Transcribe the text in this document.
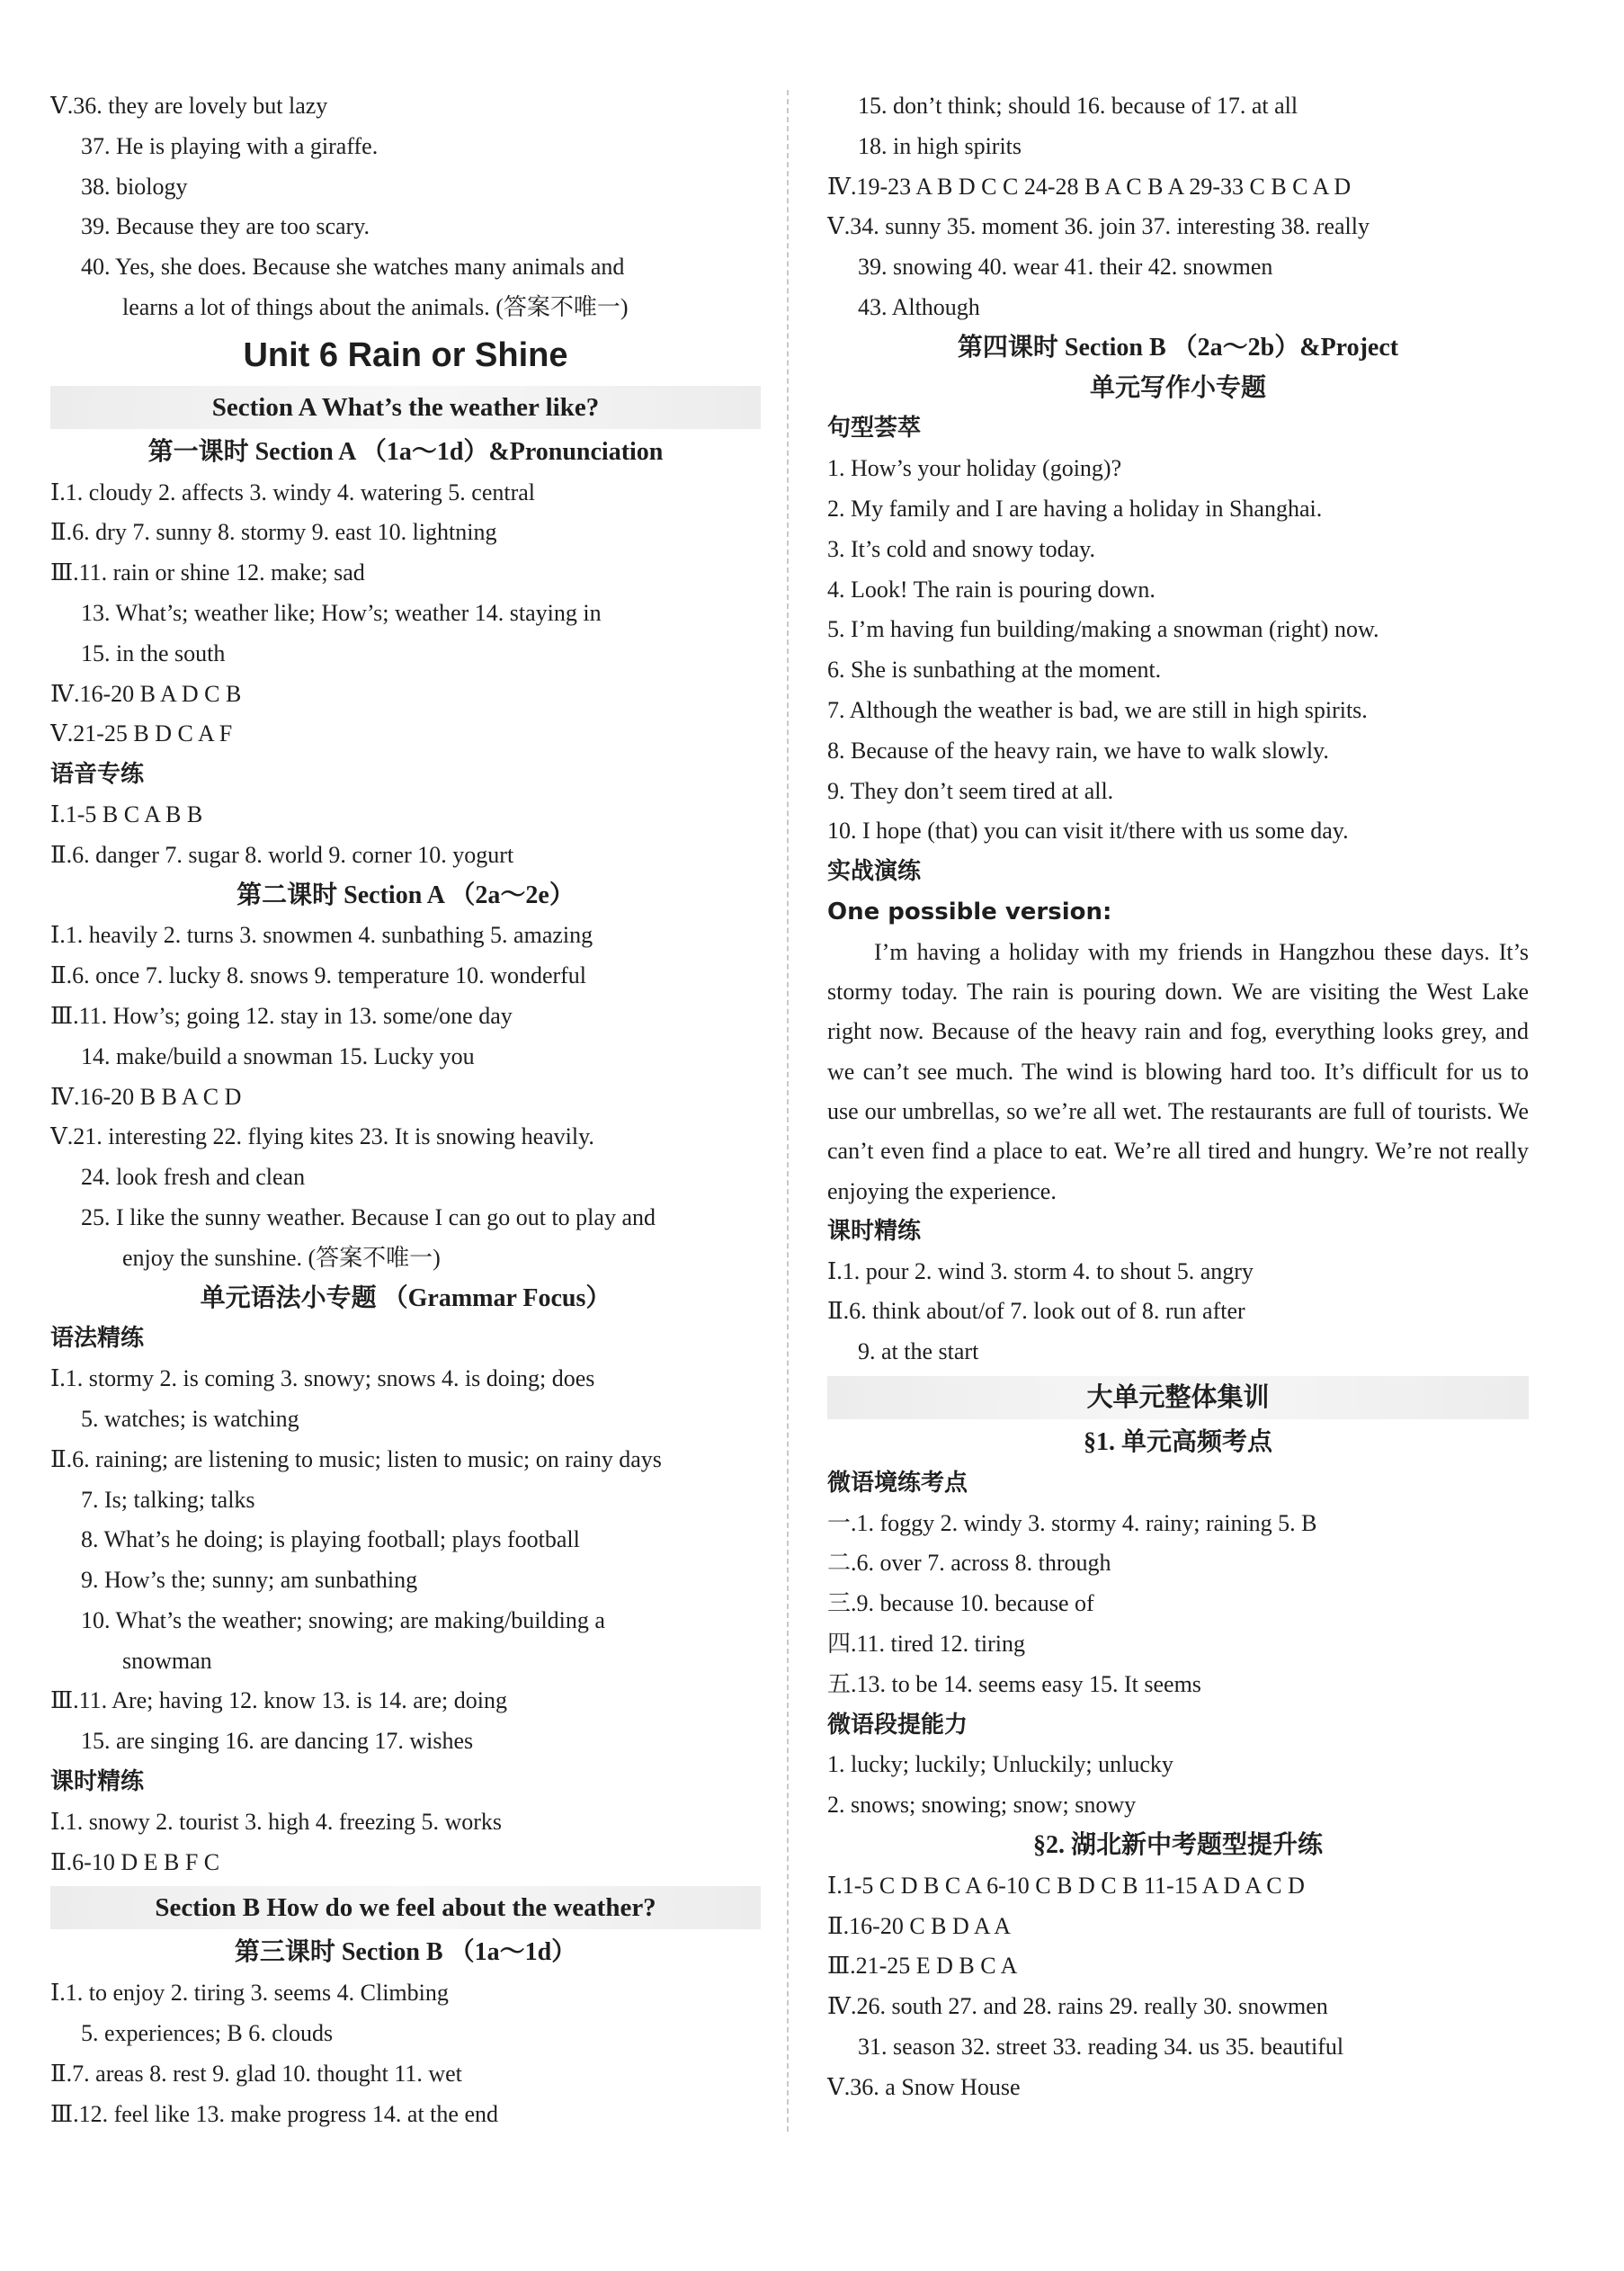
Ⅴ.36. they are lovely but lazy
37. He is playing with a giraffe.
38. biology
39. Because they are too scary.
40. Yes, she does. Because she watches many animals and
learns a lot of things about the animals. (答案不唯一)
Unit 6 Rain or Shine
Section A What’s the weather like?
第一课时 Section A （1a～1d）&Pronunciation
Ⅰ.1. cloudy 2. affects 3. windy 4. watering 5. central
Ⅱ.6. dry 7. sunny 8. stormy 9. east 10. lightning
Ⅲ.11. rain or shine 12. make; sad
13. What’s; weather like; How’s; weather 14. staying in
15. in the south
Ⅳ.16-20 B A D C B
Ⅴ.21-25 B D C A F
语音专练
Ⅰ.1-5 B C A B B
Ⅱ.6. danger 7. sugar 8. world 9. corner 10. yogurt
第二课时 Section A （2a～2e）
Ⅰ.1. heavily 2. turns 3. snowmen 4. sunbathing 5. amazing
Ⅱ.6. once 7. lucky 8. snows 9. temperature 10. wonderful
Ⅲ.11. How’s; going 12. stay in 13. some/one day
14. make/build a snowman 15. Lucky you
Ⅳ.16-20 B B A C D
Ⅴ.21. interesting 22. flying kites 23. It is snowing heavily.
24. look fresh and clean
25. I like the sunny weather. Because I can go out to play and
enjoy the sunshine. (答案不唯一)
单元语法小专题 （Grammar Focus）
语法精练
Ⅰ.1. stormy 2. is coming 3. snowy; snows 4. is doing; does
5. watches; is watching
Ⅱ.6. raining; are listening to music; listen to music; on rainy days
7. Is; talking; talks
8. What’s he doing; is playing football; plays football
9. How’s the; sunny; am sunbathing
10. What’s the weather; snowing; are making/building a
snowman
Ⅲ.11. Are; having 12. know 13. is 14. are; doing
15. are singing 16. are dancing 17. wishes
课时精练
Ⅰ.1. snowy 2. tourist 3. high 4. freezing 5. works
Ⅱ.6-10 D E B F C
Section B How do we feel about the weather?
第三课时 Section B （1a～1d）
Ⅰ.1. to enjoy 2. tiring 3. seems 4. Climbing
5. experiences; B 6. clouds
Ⅱ.7. areas 8. rest 9. glad 10. thought 11. wet
Ⅲ.12. feel like 13. make progress 14. at the end
15. don’t think; should 16. because of 17. at all
18. in high spirits
Ⅳ.19-23 A B D C C 24-28 B A C B A 29-33 C B C A D
Ⅴ.34. sunny 35. moment 36. join 37. interesting 38. really
39. snowing 40. wear 41. their 42. snowmen
43. Although
第四课时 Section B （2a～2b）&Project
单元写作小专题
句型荟萃
1. How’s your holiday (going)?
2. My family and I are having a holiday in Shanghai.
3. It’s cold and snowy today.
4. Look! The rain is pouring down.
5. I’m having fun building/making a snowman (right) now.
6. She is sunbathing at the moment.
7. Although the weather is bad, we are still in high spirits.
8. Because of the heavy rain, we have to walk slowly.
9. They don’t seem tired at all.
10. I hope (that) you can visit it/there with us some day.
实战演练
One possible version:
I’m having a holiday with my friends in Hangzhou these days. It’s stormy today. The rain is pouring down. We are visiting the West Lake right now. Because of the heavy rain and fog, everything looks grey, and we can’t see much. The wind is blowing hard too. It’s difficult for us to use our umbrellas, so we’re all wet. The restaurants are full of tourists. We can’t even find a place to eat. We’re all tired and hungry. We’re not really enjoying the experience.
课时精练
Ⅰ.1. pour 2. wind 3. storm 4. to shout 5. angry
Ⅱ.6. think about/of 7. look out of 8. run after
9. at the start
大单元整体集训
§1. 单元高频考点
微语境练考点
一.1. foggy 2. windy 3. stormy 4. rainy; raining 5. B
二.6. over 7. across 8. through
三.9. because 10. because of
四.11. tired 12. tiring
五.13. to be 14. seems easy 15. It seems
微语段提能力
1. lucky; luckily; Unluckily; unlucky
2. snows; snowing; snow; snowy
§2. 湖北新中考题型提升练
Ⅰ.1-5 C D B C A 6-10 C B D C B 11-15 A D A C D
Ⅱ.16-20 C B D A A
Ⅲ.21-25 E D B C A
Ⅳ.26. south 27. and 28. rains 29. really 30. snowmen
31. season 32. street 33. reading 34. us 35. beautiful
Ⅴ.36. a Snow House
